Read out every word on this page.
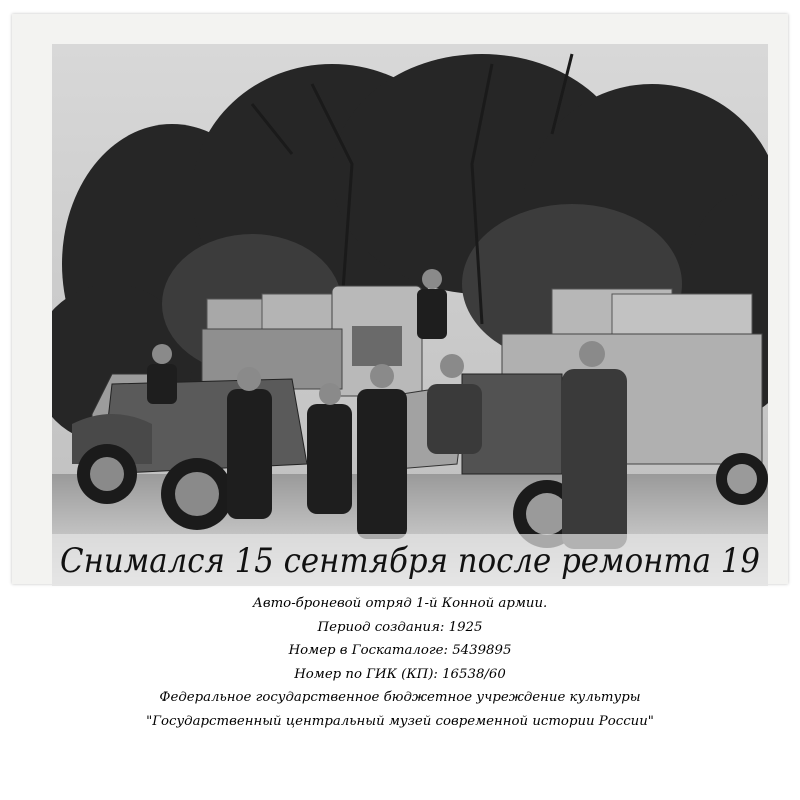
Снимался 15 сентября после ремонта 19
Авто-броневой отряд 1-й Конной армии.
Период создания: 1925
Номер в Госкаталоге: 5439895
Номер по ГИК (КП): 16538/60
Федеральное государственное бюджетное учреждение культуры
"Государственный центральный музей современной истории России"
